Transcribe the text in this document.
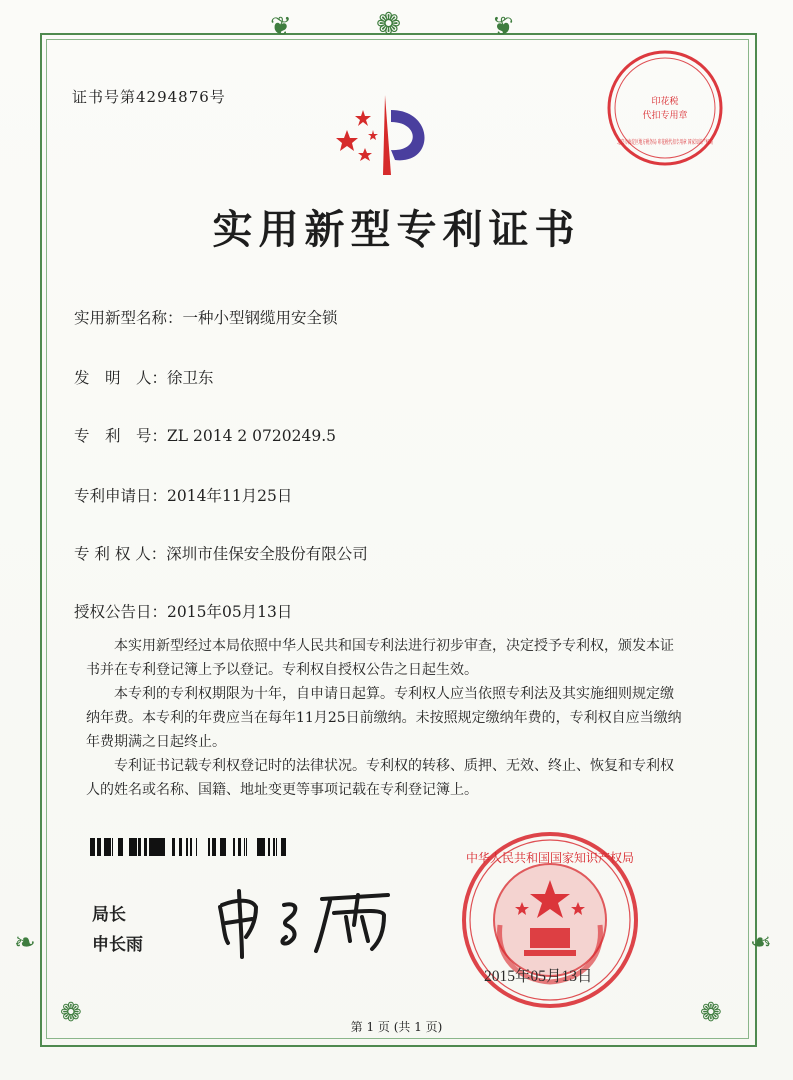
❦	❁	❦
❧	❧
❁	❁
证书号第4294876号
实用新型专利证书
实用新型名称：一种小型钢缆用安全锁
发　明　人：徐卫东
专　利　号：ZL 2014 2 0720249.5
专利申请日：2014年11月25日
专 利 权 人：深圳市佳保安全股份有限公司
授权公告日：2015年05月13日

本实用新型经过本局依照中华人民共和国专利法进行初步审查，决定授予专利权，颁发本证书并在专利登记簿上予以登记。专利权自授权公告之日起生效。

本专利的专利权期限为十年，自申请日起算。专利权人应当依照专利法及其实施细则规定缴纳年费。本专利的年费应当在每年11月25日前缴纳。未按照规定缴纳年费的，专利权自应当缴纳年费期满之日起终止。

专利证书记载专利权登记时的法律状况。专利权的转移、质押、无效、终止、恢复和专利权人的姓名或名称、国籍、地址变更等事项记载在专利登记簿上。

局长
申长雨
中华人民共和国国家知识产权局
2015年05月13日
印花税
代扣专用章
北京市海淀区地方税务局 印花税代扣专用章 国家知识产权局
第 1 页 (共 1 页)
